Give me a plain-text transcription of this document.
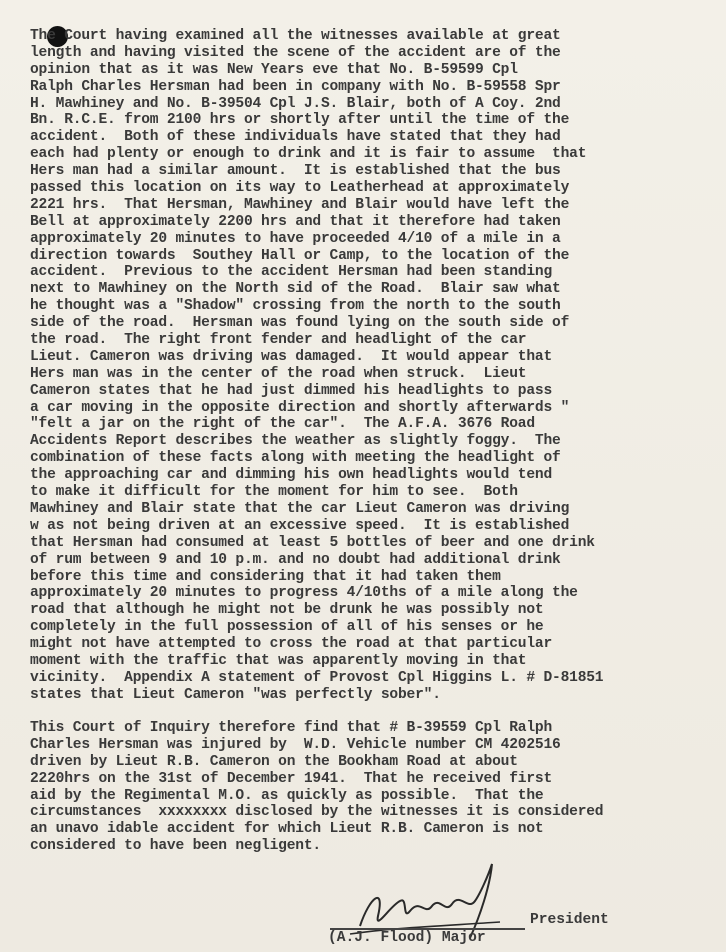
The Court having examined all the witnesses available at great
length and having visited the scene of the accident are of the
opinion that as it was New Years eve that No. B-59599 Cpl
Ralph Charles Hersman had been in company with No. B-59558 Spr
H. Mawhiney and No. B-39504 Cpl J.S. Blair, both of A Coy. 2nd
Bn. R.C.E. from 2100 hrs or shortly after until the time of the
accident.  Both of these individuals have stated that they had
each had plenty or enough to drink and it is fair to assume  that
Hers man had a similar amount.  It is established that the bus
passed this location on its way to Leatherhead at approximately
2221 hrs.  That Hersman, Mawhiney and Blair would have left the
Bell at approximately 2200 hrs and that it therefore had taken
approximately 20 minutes to have proceeded 4/10 of a mile in a
direction towards  Southey Hall or Camp, to the location of the
accident.  Previous to the accident Hersman had been standing
next to Mawhiney on the North sid of the Road.  Blair saw what
he thought was a "Shadow" crossing from the north to the south
side of the road.  Hersman was found lying on the south side of
the road.  The right front fender and headlight of the car
Lieut. Cameron was driving was damaged.  It would appear that
Hers man was in the center of the road when struck.  Lieut
Cameron states that he had just dimmed his headlights to pass
a car moving in the opposite direction and shortly afterwards "
"felt a jar on the right of the car".  The A.F.A. 3676 Road
Accidents Report describes the weather as slightly foggy.  The
combination of these facts along with meeting the headlight of
the approaching car and dimming his own headlights would tend
to make it difficult for the moment for him to see.  Both
Mawhiney and Blair state that the car Lieut Cameron was driving
w as not being driven at an excessive speed.  It is established
that Hersman had consumed at least 5 bottles of beer and one drink
of rum between 9 and 10 p.m. and no doubt had additional drink
before this time and considering that it had taken them
approximately 20 minutes to progress 4/10ths of a mile along the
road that although he might not be drunk he was possibly not
completely in the full possession of all of his senses or he
might not have attempted to cross the road at that particular
moment with the traffic that was apparently moving in that
vicinity.  Appendix A statement of Provost Cpl Higgins L. # D-81851
states that Lieut Cameron "was perfectly sober".
This Court of Inquiry therefore find that # B-39559 Cpl Ralph
Charles Hersman was injured by  W.D. Vehicle number CM 4202516
driven by Lieut R.B. Cameron on the Bookham Road at about
2220hrs on the 31st of December 1941.  That he received first
aid by the Regimental M.O. as quickly as possible.  That the
circumstances  xxxxxxxx disclosed by the witnesses it is considered
an unavo idable accident for which Lieut R.B. Cameron is not
considered to have been negligent.
President
(A.J. Flood) Major
